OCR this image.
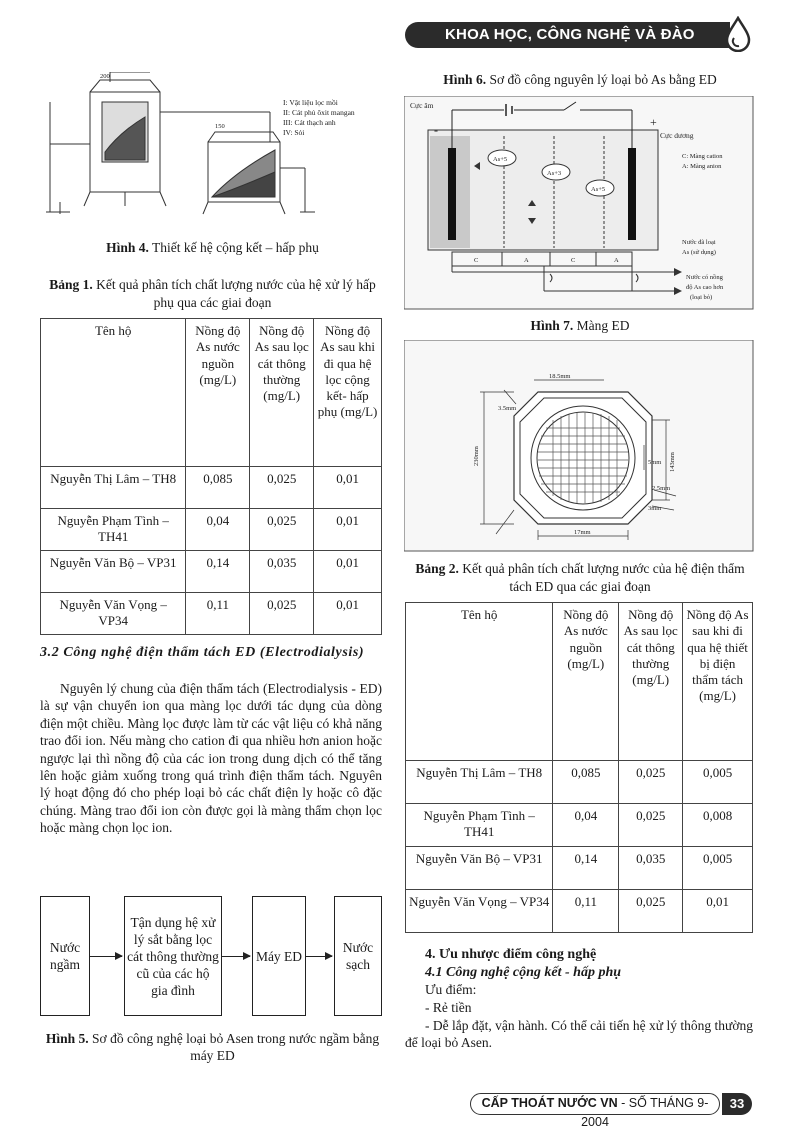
KHOA HỌC, CÔNG NGHỆ VÀ ĐÀO TẠO
200
150
I: Vật liệu lọc mồi
II: Cát phủ ôxit mangan
III: Cát thạch anh
IV: Sỏi
Hình 4. Thiết kế hệ cộng kết – hấp phụ
Bảng 1. Kết quả phân tích chất lượng nước của hệ xử lý hấp phụ qua các giai đoạn
Tên hộ	Nồng độ As nước nguồn (mg/L)	Nồng độ As sau lọc cát thông thường (mg/L)	Nồng độ As sau khi đi qua hệ lọc cộng kết- hấp phụ (mg/L)
Nguyễn Thị Lâm – TH8	0,085	0,025	0,01
Nguyễn Phạm Tình – TH41	0,04	0,025	0,01
Nguyễn Văn Bộ – VP31	0,14	0,035	0,01
Nguyễn Văn Vọng – VP34	0,11	0,025	0,01
3.2 Công nghệ điện thẩm tách ED (Electrodialysis)
Nguyên lý chung của điện thẩm tách (Electrodialysis - ED) là sự vận chuyển ion qua màng lọc dưới tác dụng của dòng điện một chiều. Màng lọc được làm từ các vật liệu có khả năng trao đổi ion. Nếu màng cho cation đi qua nhiều hơn anion hoặc ngược lại thì nồng độ của các ion trong dung dịch có thể tăng lên hoặc giảm xuống trong quá trình điện thẩm tách. Nguyên lý hoạt động đó cho phép loại bỏ các chất điện ly hoặc cô đặc chúng. Màng trao đổi ion còn được gọi là màng thẩm chọn lọc hoặc màng chọn lọc ion.
Nước ngầm
Tận dụng hệ xử lý sắt bằng lọc cát thông thường cũ của các hộ gia đình
Máy ED
Nước sạch
Hình 5. Sơ đồ công nghệ loại bỏ Asen trong nước ngầm bằng máy ED
Hình 6. Sơ đồ công nguyên lý loại bỏ As bằng ED
Cực âm
-
+
Cực dương
As+5
As+3
As+5
C: Màng cation
A: Màng anion
Nước đã loại
As (sử dụng)
Nước có nồng
độ As cao hơn
(loại bỏ)
C	A	C	A
Hình 7. Màng ED
230mm	143mm
17mm
5mm
2.5mm
3mm
3.5mm
18.5mm
Bảng 2. Kết quả phân tích chất lượng nước của hệ điện thẩm tách ED qua các giai đoạn
Tên hộ	Nồng độ As nước nguồn (mg/L)	Nồng độ As sau lọc cát thông thường (mg/L)	Nồng độ As sau khi đi qua hệ thiết bị điện thẩm tách (mg/L)
Nguyễn Thị Lâm – TH8	0,085	0,025	0,005
Nguyễn Phạm Tình – TH41	0,04	0,025	0,008
Nguyễn Văn Bộ – VP31	0,14	0,035	0,005
Nguyễn Văn Vọng – VP34	0,11	0,025	0,01
4. Ưu nhược điểm công nghệ
4.1 Công nghệ cộng kết - hấp phụ
Ưu điểm:
- Rẻ tiền
- Dễ lắp đặt, vận hành. Có thể cải tiến hệ xử lý thông thường để loại bỏ Asen.
CẤP THOÁT NƯỚC VN - SỐ THÁNG 9-2004
33
